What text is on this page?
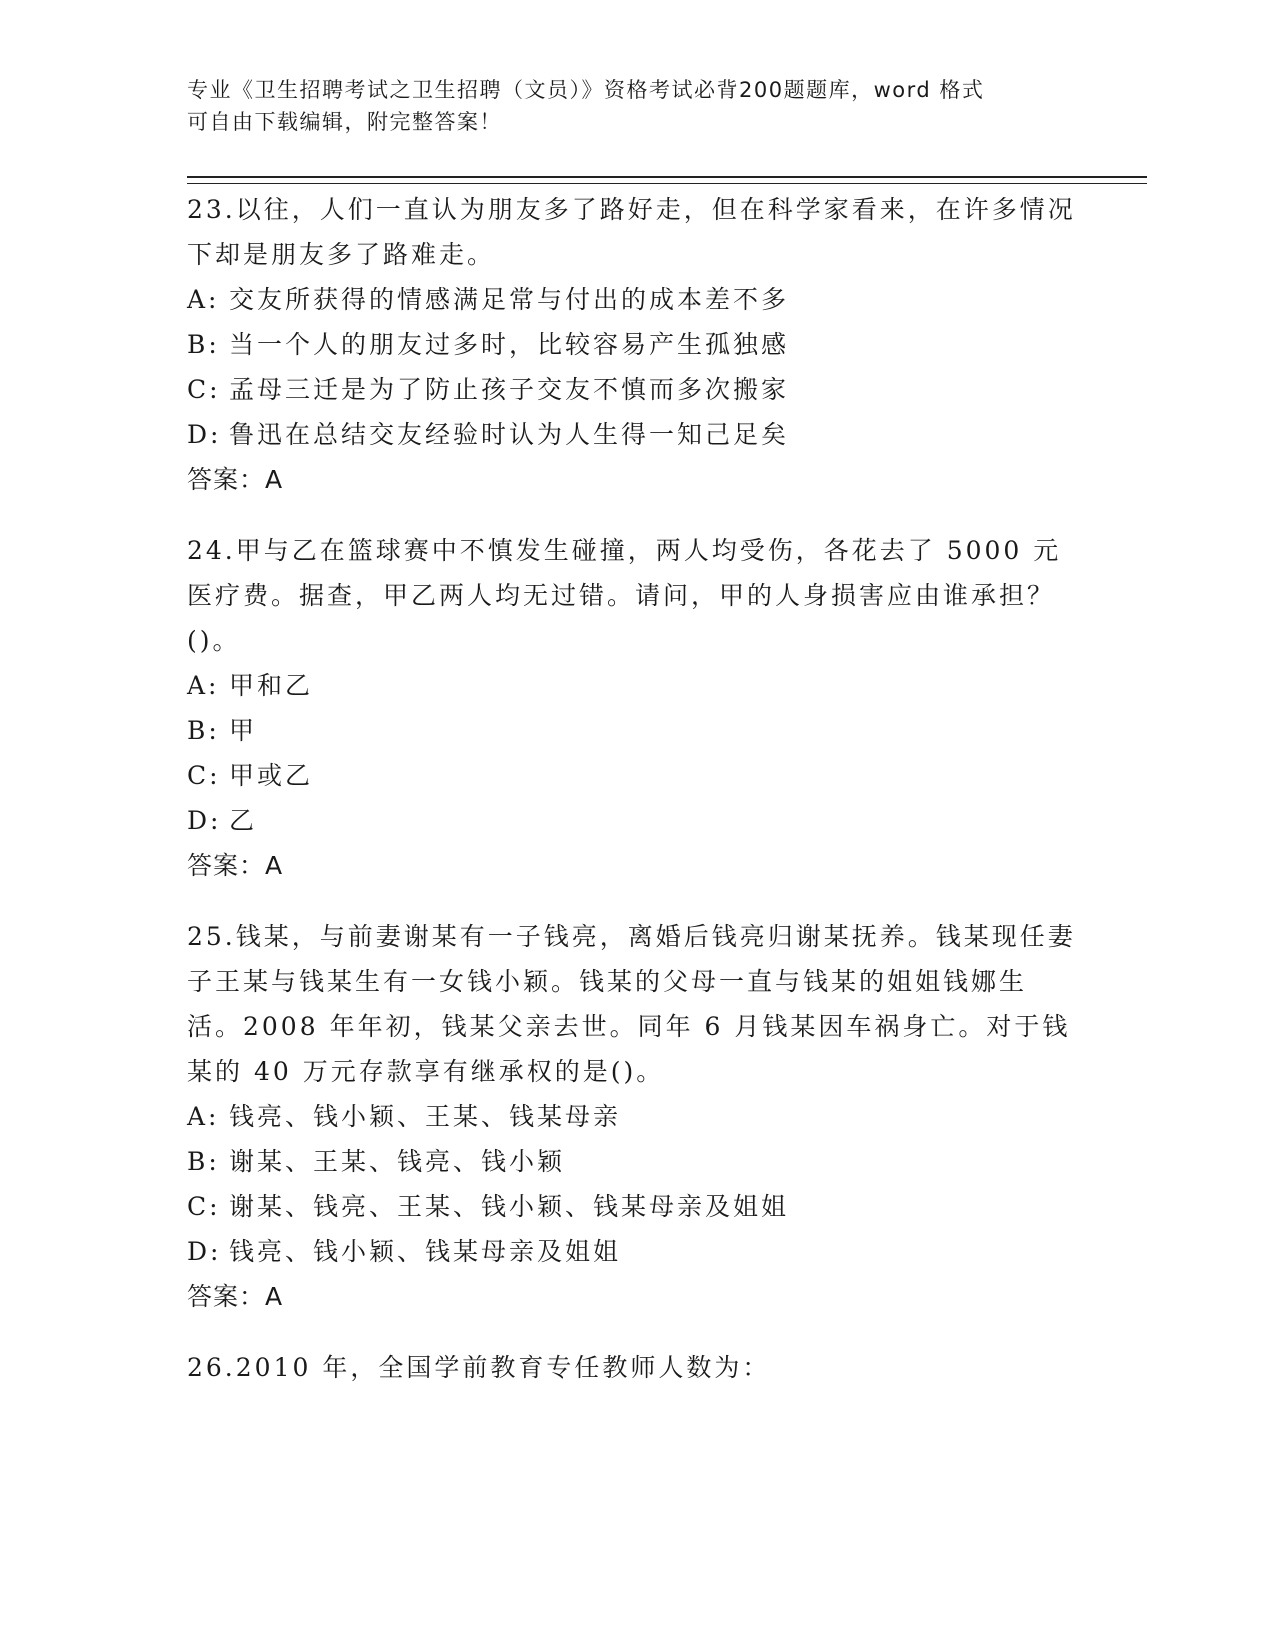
专业《卫生招聘考试之卫生招聘（文员）》资格考试必背200题题库，word 格式
可自由下载编辑，附完整答案！

23.以往，人们一直认为朋友多了路好走，但在科学家看来，在许多情况下却是朋友多了路难走。

A: 交友所获得的情感满足常与付出的成本差不多

B: 当一个人的朋友过多时，比较容易产生孤独感

C: 孟母三迁是为了防止孩子交友不慎而多次搬家

D: 鲁迅在总结交友经验时认为人生得一知己足矣

答案：A

24.甲与乙在篮球赛中不慎发生碰撞，两人均受伤，各花去了 5000 元医疗费。据查，甲乙两人均无过错。请问，甲的人身损害应由谁承担？()。

A: 甲和乙

B: 甲

C: 甲或乙

D: 乙

答案：A

25.钱某，与前妻谢某有一子钱亮，离婚后钱亮归谢某抚养。钱某现任妻子王某与钱某生有一女钱小颖。钱某的父母一直与钱某的姐姐钱娜生活。2008 年年初，钱某父亲去世。同年 6 月钱某因车祸身亡。对于钱某的 40 万元存款享有继承权的是()。

A: 钱亮、钱小颖、王某、钱某母亲

B: 谢某、王某、钱亮、钱小颖

C: 谢某、钱亮、王某、钱小颖、钱某母亲及姐姐

D: 钱亮、钱小颖、钱某母亲及姐姐

答案：A

26.2010 年，全国学前教育专任教师人数为：
